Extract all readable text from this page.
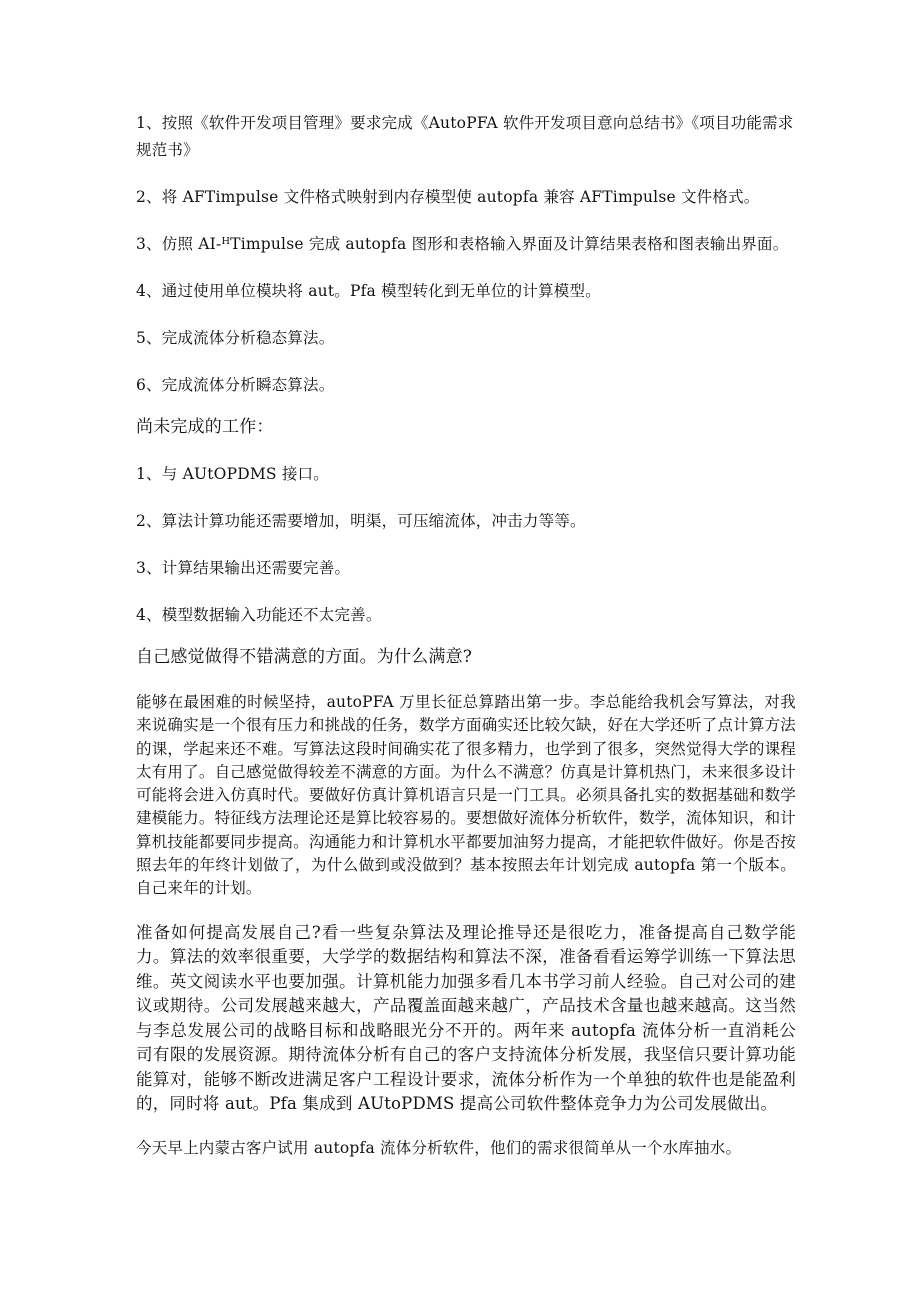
1、按照《软件开发项目管理》要求完成《AutoPFA 软件开发项目意向总结书》《项目功能需求规范书》

2、将 AFTimpulse 文件格式映射到内存模型使 autopfa 兼容 AFTimpulse 文件格式。

3、仿照 AI-ᴴTimpulse 完成 autopfa 图形和表格输入界面及计算结果表格和图表输出界面。

4、通过使用单位模块将 aut。Pfa 模型转化到无单位的计算模型。

5、完成流体分析稳态算法。

6、完成流体分析瞬态算法。

尚未完成的工作：

1、与 AUtOPDMS 接口。

2、算法计算功能还需要增加，明渠，可压缩流体，冲击力等等。

3、计算结果输出还需要完善。

4、模型数据输入功能还不太完善。

自己感觉做得不错满意的方面。为什么满意?

能够在最困难的时候坚持，autoPFA 万里长征总算踏出第一步。李总能给我机会写算法，对我来说确实是一个很有压力和挑战的任务，数学方面确实还比较欠缺，好在大学还听了点计算方法的课，学起来还不难。写算法这段时间确实花了很多精力，也学到了很多，突然觉得大学的课程太有用了。自己感觉做得较差不满意的方面。为什么不满意？仿真是计算机热门，未来很多设计可能将会进入仿真时代。要做好仿真计算机语言只是一门工具。必须具备扎实的数据基础和数学建模能力。特征线方法理论还是算比较容易的。要想做好流体分析软件，数学，流体知识，和计算机技能都要同步提高。沟通能力和计算机水平都要加油努力提高，才能把软件做好。你是否按照去年的年终计划做了，为什么做到或没做到？基本按照去年计划完成 autopfa 第一个版本。自己来年的计划。

准备如何提高发展自己?看一些复杂算法及理论推导还是很吃力，准备提高自己数学能力。算法的效率很重要，大学学的数据结构和算法不深，准备看看运筹学训练一下算法思维。英文阅读水平也要加强。计算机能力加强多看几本书学习前人经验。自己对公司的建议或期待。公司发展越来越大，产品覆盖面越来越广，产品技术含量也越来越高。这当然与李总发展公司的战略目标和战略眼光分不开的。两年来 autopfa 流体分析一直消耗公司有限的发展资源。期待流体分析有自己的客户支持流体分析发展，我坚信只要计算功能能算对，能够不断改进满足客户工程设计要求，流体分析作为一个单独的软件也是能盈利的，同时将 aut。Pfa 集成到 AUtoPDMS 提高公司软件整体竞争力为公司发展做出。

今天早上内蒙古客户试用 autopfa 流体分析软件，他们的需求很简单从一个水库抽水。
